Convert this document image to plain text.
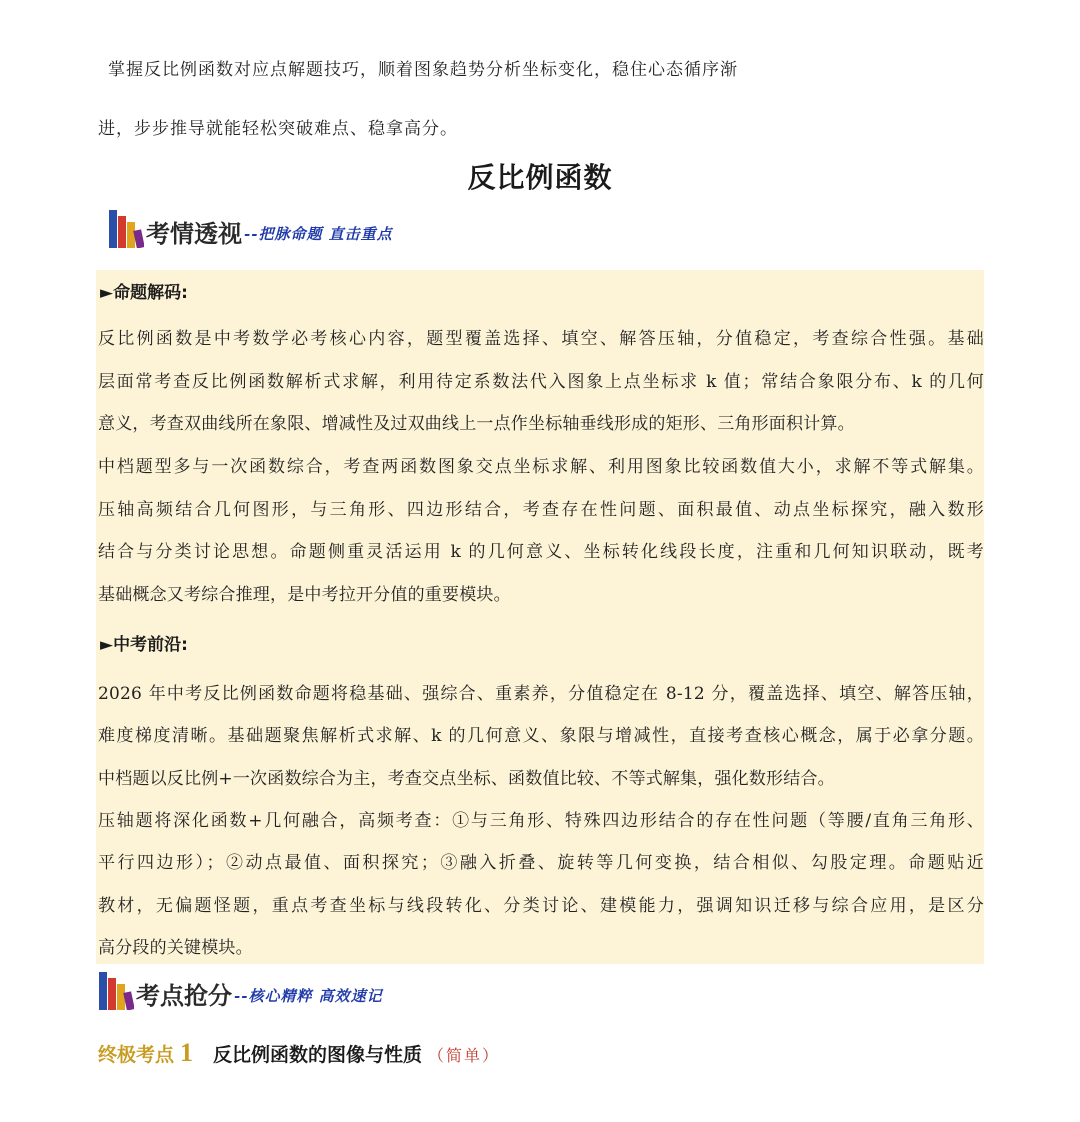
掌握反比例函数对应点解题技巧，顺着图象趋势分析坐标变化，稳住心态循序渐
进，步步推导就能轻松突破难点、稳拿高分。
反比例函数
考情透视 --把脉命题 直击重点
►命题解码:
反比例函数是中考数学必考核心内容，题型覆盖选择、填空、解答压轴，分值稳定，考查综合性强。基础
层面常考查反比例函数解析式求解，利用待定系数法代入图象上点坐标求 k 值；常结合象限分布、k 的几何
意义，考查双曲线所在象限、增减性及过双曲线上一点作坐标轴垂线形成的矩形、三角形面积计算。
中档题型多与一次函数综合，考查两函数图象交点坐标求解、利用图象比较函数值大小，求解不等式解集。
压轴高频结合几何图形，与三角形、四边形结合，考查存在性问题、面积最值、动点坐标探究，融入数形
结合与分类讨论思想。命题侧重灵活运用 k 的几何意义、坐标转化线段长度，注重和几何知识联动，既考
基础概念又考综合推理，是中考拉开分值的重要模块。
►中考前沿:
2026 年中考反比例函数命题将稳基础、强综合、重素养，分值稳定在 8-12 分，覆盖选择、填空、解答压轴，
难度梯度清晰。基础题聚焦解析式求解、k 的几何意义、象限与增减性，直接考查核心概念，属于必拿分题。
中档题以反比例+一次函数综合为主，考查交点坐标、函数值比较、不等式解集，强化数形结合。
压轴题将深化函数+几何融合，高频考查：①与三角形、特殊四边形结合的存在性问题（等腰/直角三角形、
平行四边形）；②动点最值、面积探究；③融入折叠、旋转等几何变换，结合相似、勾股定理。命题贴近
教材，无偏题怪题，重点考查坐标与线段转化、分类讨论、建模能力，强调知识迁移与综合应用，是区分
高分段的关键模块。
考点抢分 --核心精粹 高效速记
终极考点 1 反比例函数的图像与性质 （简单）
